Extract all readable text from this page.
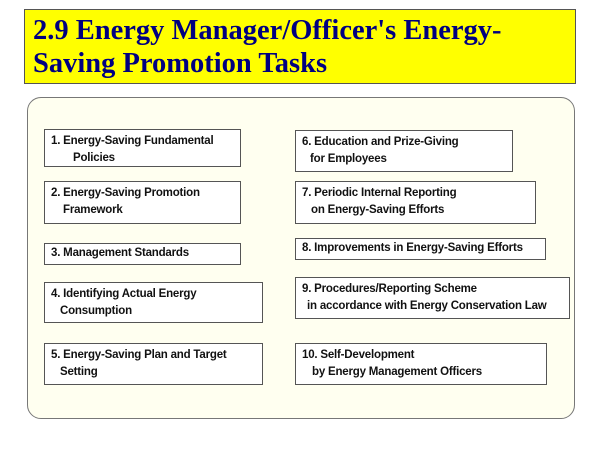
2.9 Energy Manager/Officer's Energy-
Saving Promotion Tasks
1. Energy-Saving Fundamental
Policies
2. Energy-Saving Promotion
Framework
3. Management Standards
4. Identifying Actual Energy
Consumption
5. Energy-Saving Plan and Target
Setting
6. Education and Prize-Giving
for Employees
7. Periodic Internal Reporting
on Energy-Saving Efforts
8. Improvements in Energy-Saving Efforts
9. Procedures/Reporting Scheme
in accordance with Energy Conservation Law
10. Self-Development
by Energy Management Officers
